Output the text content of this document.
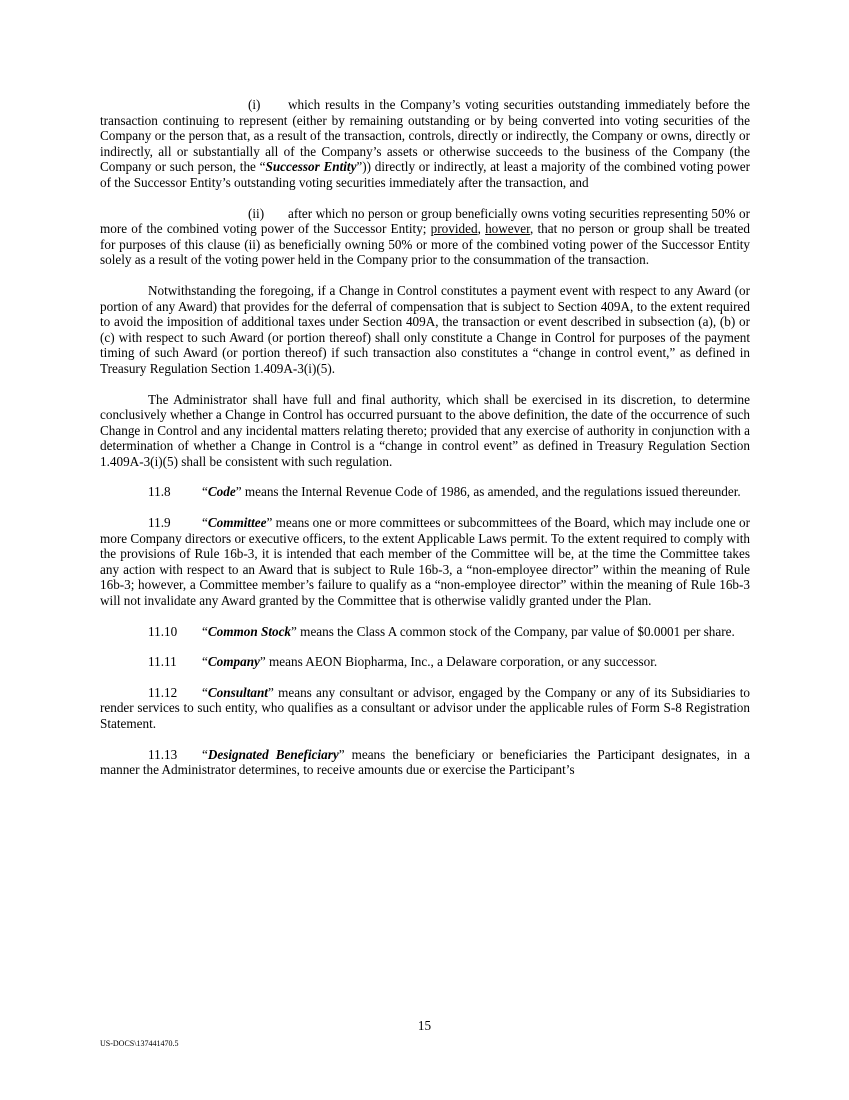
(i) which results in the Company’s voting securities outstanding immediately before the transaction continuing to represent (either by remaining outstanding or by being converted into voting securities of the Company or the person that, as a result of the transaction, controls, directly or indirectly, the Company or owns, directly or indirectly, all or substantially all of the Company’s assets or otherwise succeeds to the business of the Company (the Company or such person, the “Successor Entity”)) directly or indirectly, at least a majority of the combined voting power of the Successor Entity’s outstanding voting securities immediately after the transaction, and

(ii) after which no person or group beneficially owns voting securities representing 50% or more of the combined voting power of the Successor Entity; provided, however, that no person or group shall be treated for purposes of this clause (ii) as beneficially owning 50% or more of the combined voting power of the Successor Entity solely as a result of the voting power held in the Company prior to the consummation of the transaction.

Notwithstanding the foregoing, if a Change in Control constitutes a payment event with respect to any Award (or portion of any Award) that provides for the deferral of compensation that is subject to Section 409A, to the extent required to avoid the imposition of additional taxes under Section 409A, the transaction or event described in subsection (a), (b) or (c) with respect to such Award (or portion thereof) shall only constitute a Change in Control for purposes of the payment timing of such Award (or portion thereof) if such transaction also constitutes a “change in control event,” as defined in Treasury Regulation Section 1.409A-3(i)(5).

The Administrator shall have full and final authority, which shall be exercised in its discretion, to determine conclusively whether a Change in Control has occurred pursuant to the above definition, the date of the occurrence of such Change in Control and any incidental matters relating thereto; provided that any exercise of authority in conjunction with a determination of whether a Change in Control is a “change in control event” as defined in Treasury Regulation Section 1.409A-3(i)(5) shall be consistent with such regulation.

11.8 “Code” means the Internal Revenue Code of 1986, as amended, and the regulations issued thereunder.

11.9 “Committee” means one or more committees or subcommittees of the Board, which may include one or more Company directors or executive officers, to the extent Applicable Laws permit. To the extent required to comply with the provisions of Rule 16b-3, it is intended that each member of the Committee will be, at the time the Committee takes any action with respect to an Award that is subject to Rule 16b-3, a “non-employee director” within the meaning of Rule 16b-3; however, a Committee member’s failure to qualify as a “non-employee director” within the meaning of Rule 16b-3 will not invalidate any Award granted by the Committee that is otherwise validly granted under the Plan.

11.10 “Common Stock” means the Class A common stock of the Company, par value of $0.0001 per share.

11.11 “Company” means AEON Biopharma, Inc., a Delaware corporation, or any successor.

11.12 “Consultant” means any consultant or advisor, engaged by the Company or any of its Subsidiaries to render services to such entity, who qualifies as a consultant or advisor under the applicable rules of Form S-8 Registration Statement.

11.13 “Designated Beneficiary” means the beneficiary or beneficiaries the Participant designates, in a manner the Administrator determines, to receive amounts due or exercise the Participant’s

15
US-DOCS\137441470.5
